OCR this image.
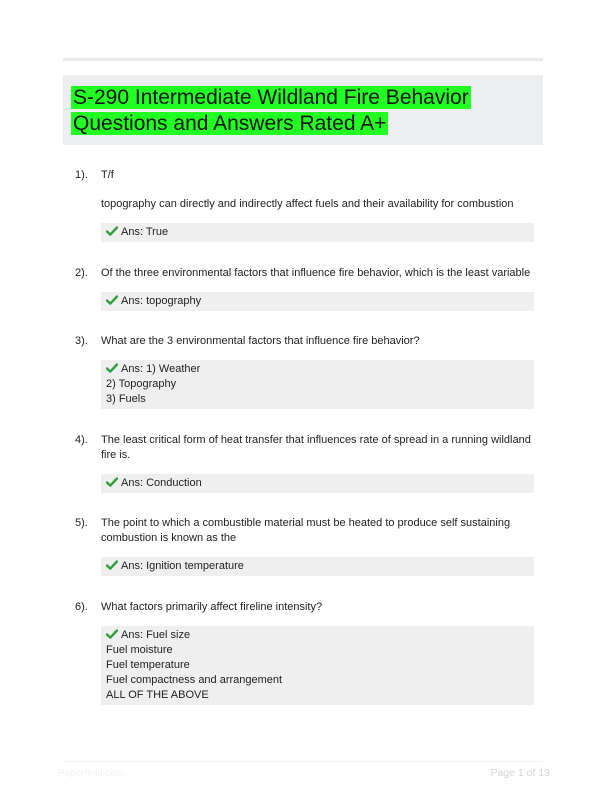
S-290 Intermediate Wildland Fire Behavior Questions and Answers Rated A+
1).	T/f
topography can directly and indirectly affect fuels and their availability for combustion
Ans: True
2).	Of the three environmental factors that influence fire behavior, which is the least variable
Ans: topography
3).	What are the 3 environmental factors that influence fire behavior?
Ans: 1) Weather
2) Topography
3) Fuels
4).	The least critical form of heat transfer that influences rate of spread in a running wildland fire is.
Ans: Conduction
5).	The point to which a combustible material must be heated to produce self sustaining combustion is known as the
Ans: Ignition temperature
6).	What factors primarily affect fireline intensity?
Ans: Fuel size
Fuel moisture
Fuel temperature
Fuel compactness and arrangement
ALL OF THE ABOVE
Paperfiniti.com	Page 1 of 13
